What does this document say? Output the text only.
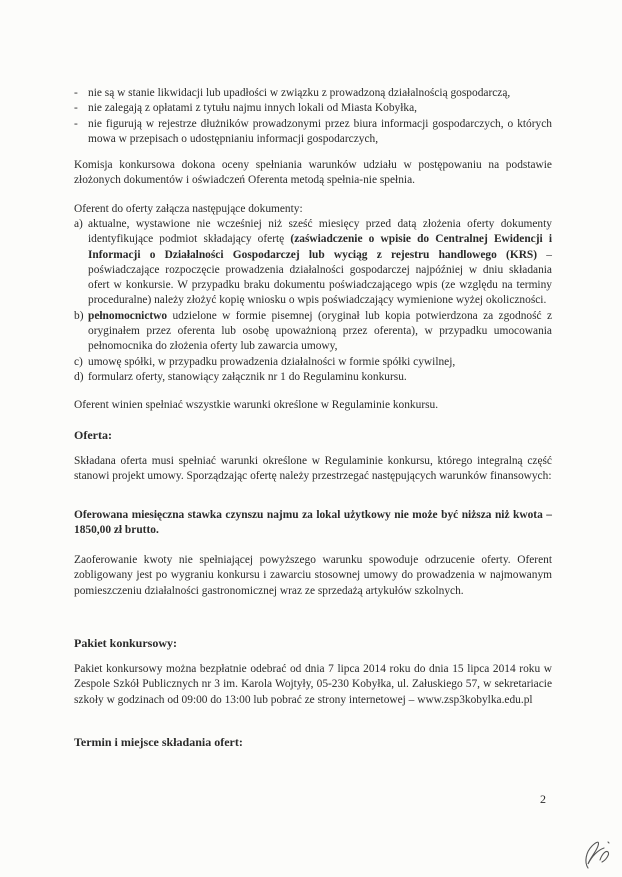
- nie są w stanie likwidacji lub upadłości w związku z prowadzoną działalnością gospodarczą,
- nie zalegają z opłatami z tytułu najmu innych lokali od Miasta Kobyłka,
- nie figurują w rejestrze dłużników prowadzonymi przez biura informacji gospodarczych, o których mowa w przepisach o udostępnianiu informacji gospodarczych,

Komisja konkursowa dokona oceny spełniania warunków udziału w postępowaniu na podstawie złożonych dokumentów i oświadczeń Oferenta metodą spełnia-nie spełnia.

Oferent do oferty załącza następujące dokumenty:

a) aktualne, wystawione nie wcześniej niż sześć miesięcy przed datą złożenia oferty dokumenty identyfikujące podmiot składający ofertę (zaświadczenie o wpisie do Centralnej Ewidencji i Informacji o Działalności Gospodarczej lub wyciąg z rejestru handlowego (KRS) – poświadczające rozpoczęcie prowadzenia działalności gospodarczej najpóźniej w dniu składania ofert w konkursie. W przypadku braku dokumentu poświadczającego wpis (ze względu na terminy proceduralne) należy złożyć kopię wniosku o wpis poświadczający wymienione wyżej okoliczności.
b) pełnomocnictwo udzielone w formie pisemnej (oryginał lub kopia potwierdzona za zgodność z oryginałem przez oferenta lub osobę upoważnioną przez oferenta), w przypadku umocowania pełnomocnika do złożenia oferty lub zawarcia umowy,
c) umowę spółki, w przypadku prowadzenia działalności w formie spółki cywilnej,
d) formularz oferty, stanowiący załącznik nr 1 do Regulaminu konkursu.

Oferent winien spełniać wszystkie warunki określone w Regulaminie konkursu.

Oferta:

Składana oferta musi spełniać warunki określone w Regulaminie konkursu, którego integralną część stanowi projekt umowy. Sporządzając ofertę należy przestrzegać następujących warunków finansowych:

Oferowana miesięczna stawka czynszu najmu za lokal użytkowy nie może być niższa niż kwota – 1850,00 zł brutto.

Zaoferowanie kwoty nie spełniającej powyższego warunku spowoduje odrzucenie oferty. Oferent zobligowany jest po wygraniu konkursu i zawarciu stosownej umowy do prowadzenia w najmowanym pomieszczeniu działalności gastronomicznej wraz ze sprzedażą artykułów szkolnych.

Pakiet konkursowy:

Pakiet konkursowy można bezpłatnie odebrać od dnia 7 lipca 2014 roku do dnia 15 lipca 2014 roku w Zespole Szkół Publicznych nr 3 im. Karola Wojtyły, 05-230 Kobyłka, ul. Załuskiego 57, w sekretariacie szkoły w godzinach od 09:00 do 13:00 lub pobrać ze strony internetowej – www.zsp3kobylka.edu.pl

Termin i miejsce składania ofert:
2
